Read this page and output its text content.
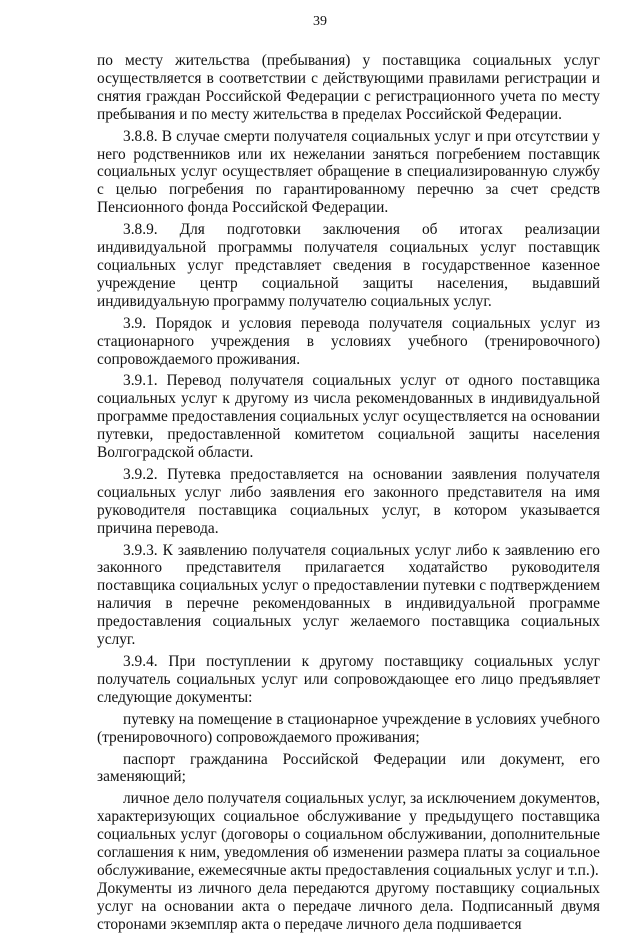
39

по месту жительства (пребывания) у поставщика социальных услуг осуществляется в соответствии с действующими правилами регистрации и снятия граждан Российской Федерации с регистрационного учета по месту пребывания и по месту жительства в пределах Российской Федерации.

3.8.8. В случае смерти получателя социальных услуг и при отсутствии у него родственников или их нежелании заняться погребением поставщик социальных услуг осуществляет обращение в специализированную службу с целью погребения по гарантированному перечню за счет средств Пенсионного фонда Российской Федерации.

3.8.9. Для подготовки заключения об итогах реализации индивидуальной программы получателя социальных услуг поставщик социальных услуг представляет сведения в государственное казенное учреждение центр социальной защиты населения, выдавший индивидуальную программу получателю социальных услуг.

3.9. Порядок и условия перевода получателя социальных услуг из стационарного учреждения в условиях учебного (тренировочного) сопровождаемого проживания.

3.9.1. Перевод получателя социальных услуг от одного поставщика социальных услуг к другому из числа рекомендованных в индивидуальной программе предоставления социальных услуг осуществляется на основании путевки, предоставленной комитетом социальной защиты населения Волгоградской области.

3.9.2. Путевка предоставляется на основании заявления получателя социальных услуг либо заявления его законного представителя на имя руководителя поставщика социальных услуг, в котором указывается причина перевода.

3.9.3. К заявлению получателя социальных услуг либо к заявлению его законного представителя прилагается ходатайство руководителя поставщика социальных услуг о предоставлении путевки с подтверждением наличия в перечне рекомендованных в индивидуальной программе предоставления социальных услуг желаемого поставщика социальных услуг.

3.9.4. При поступлении к другому поставщику социальных услуг получатель социальных услуг или сопровождающее его лицо предъявляет следующие документы:

путевку на помещение в стационарное учреждение в условиях учебного (тренировочного) сопровождаемого проживания;

паспорт гражданина Российской Федерации или документ, его заменяющий;

личное дело получателя социальных услуг, за исключением документов, характеризующих социальное обслуживание у предыдущего поставщика социальных услуг (договоры о социальном обслуживании, дополнительные соглашения к ним, уведомления об изменении размера платы за социальное обслуживание, ежемесячные акты предоставления социальных услуг и т.п.).

Документы из личного дела передаются другому поставщику социальных услуг на основании акта о передаче личного дела. Подписанный двумя сторонами экземпляр акта о передаче личного дела подшивается
